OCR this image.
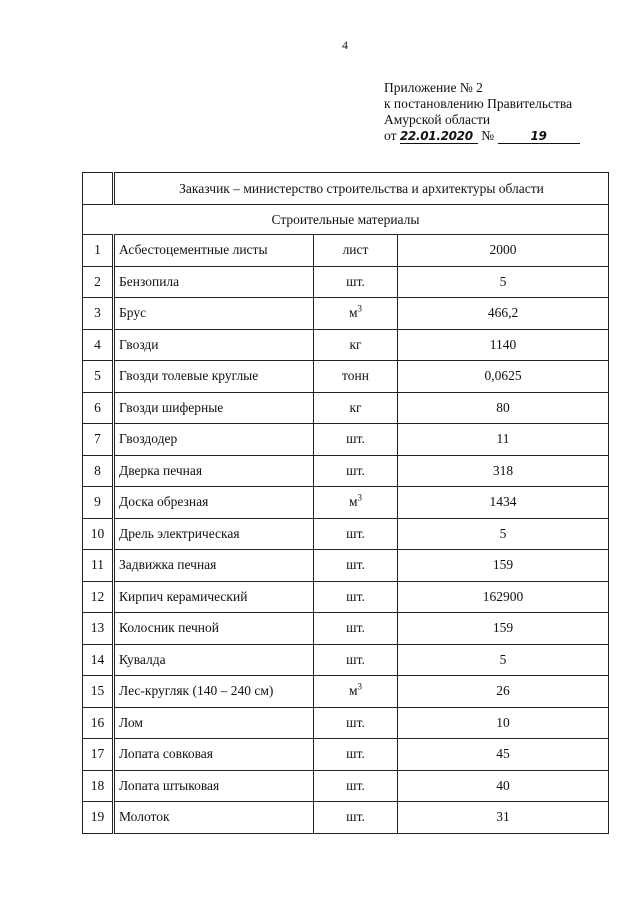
4
Приложение № 2
к постановлению Правительства
Амурской области
от 22.01.2020 №	19
	Заказчик – министерство строительства и архитектуры области		
Строительные материалы			
1	Асбестоцементные листы	лист	2000
2	Бензопила	шт.	5
3	Брус	$м^3$	466,2
4	Гвозди	кг	1140
5	Гвозди толевые круглые	тонн	0,0625
6	Гвозди шиферные	кг	80
7	Гвоздодер	шт.	11
8	Дверка печная	шт.	318
9	Доска обрезная	$м^3$	1434
10	Дрель электрическая	шт.	5
11	Задвижка печная	шт.	159
12	Кирпич керамический	шт.	162900
13	Колосник печной	шт.	159
14	Кувалда	шт.	5
15	Лес-кругляк (140 – 240 см)	$м^3$	26
16	Лом	шт.	10
17	Лопата совковая	шт.	45
18	Лопата штыковая	шт.	40
19	Молоток	шт.	31
